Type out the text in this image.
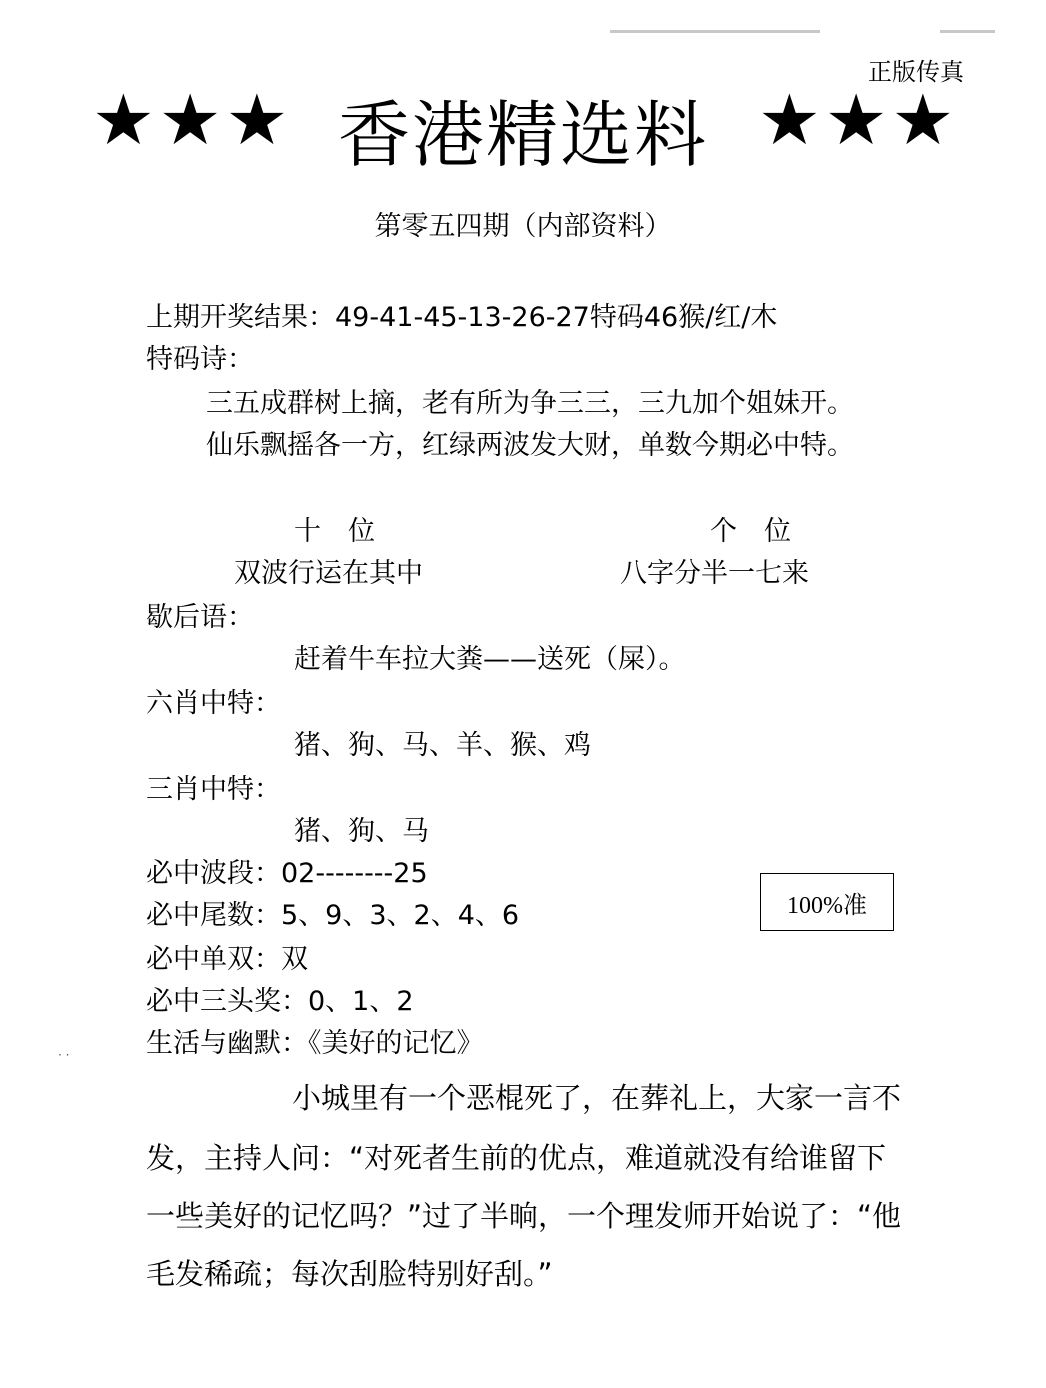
正版传真
★★★ 香港精选料 ★★★
第零五四期（内部资料）
上期开奖结果：49-41-45-13-26-27特码46猴/红/木
特码诗：
三五成群树上摘，老有所为争三三，三九加个姐妹开。
仙乐飘摇各一方，红绿两波发大财，单数今期必中特。
十　位	个　位
双波行运在其中	八字分半一七来
歇后语：
赶着牛车拉大粪——送死（屎）。
六肖中特：
猪、狗、马、羊、猴、鸡
三肖中特：
猪、狗、马
必中波段：02--------25
必中尾数：5、9、3、2、4、6
必中单双：双
必中三头奖：0、1、2
100%准
生活与幽默：《美好的记忆》
· ·
小城里有一个恶棍死了，在葬礼上，大家一言不
发，主持人问：“对死者生前的优点，难道就没有给谁留下
一些美好的记忆吗？”过了半晌，一个理发师开始说了：“他
毛发稀疏；每次刮脸特别好刮。”
